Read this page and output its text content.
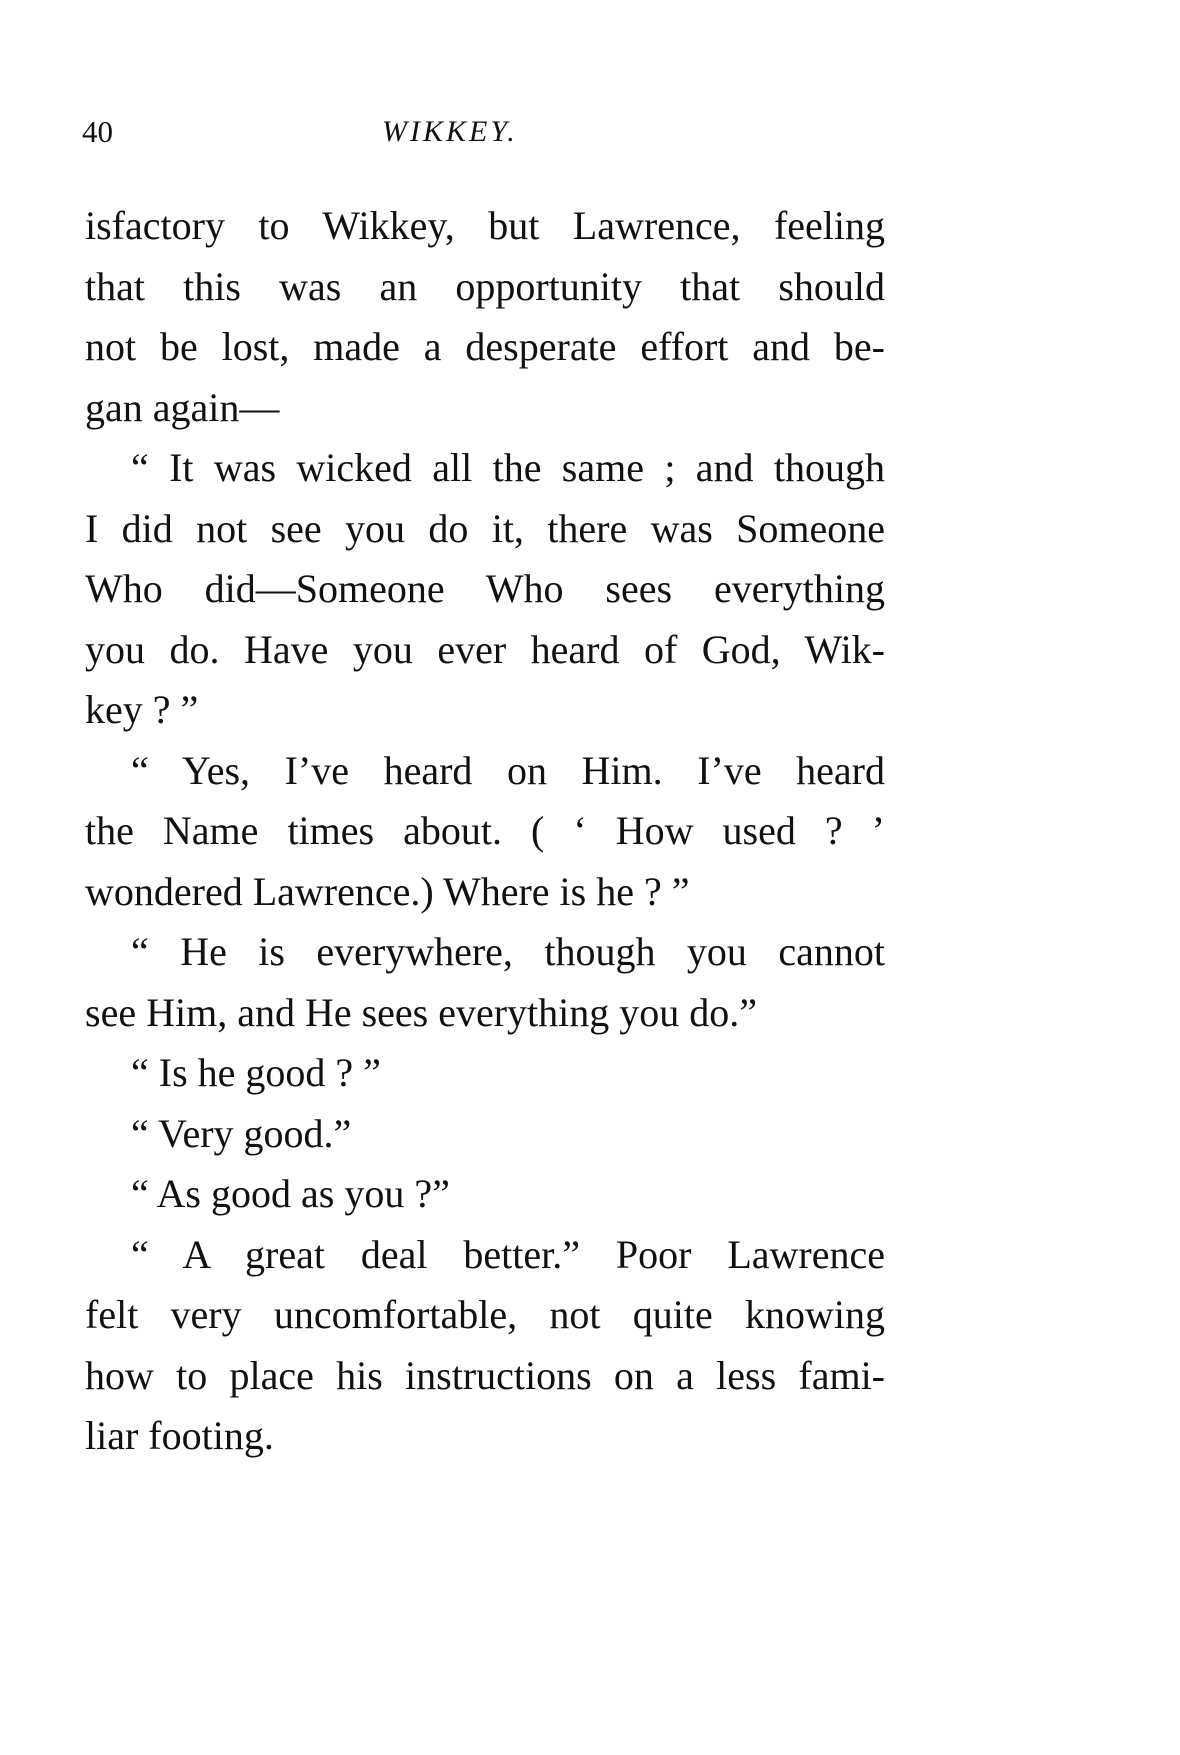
40	WIKKEY.
isfactory to Wikkey, but Lawrence, feeling
that this was an opportunity that should
not be lost, made a desperate effort and be-
gan again—
“ It was wicked all the same ; and though
I did not see you do it, there was Someone
Who did—Someone Who sees everything
you do. Have you ever heard of God, Wik-
key ? ”
“ Yes, I’ve heard on Him. I’ve heard
the Name times about. ( ‘ How used ? ’
wondered Lawrence.) Where is he ? ”
“ He is everywhere, though you cannot
see Him, and He sees everything you do.”
“ Is he good ? ”
“ Very good.”
“ As good as you ?”
“ A great deal better.” Poor Lawrence
felt very uncomfortable, not quite knowing
how to place his instructions on a less fami-
liar footing.
